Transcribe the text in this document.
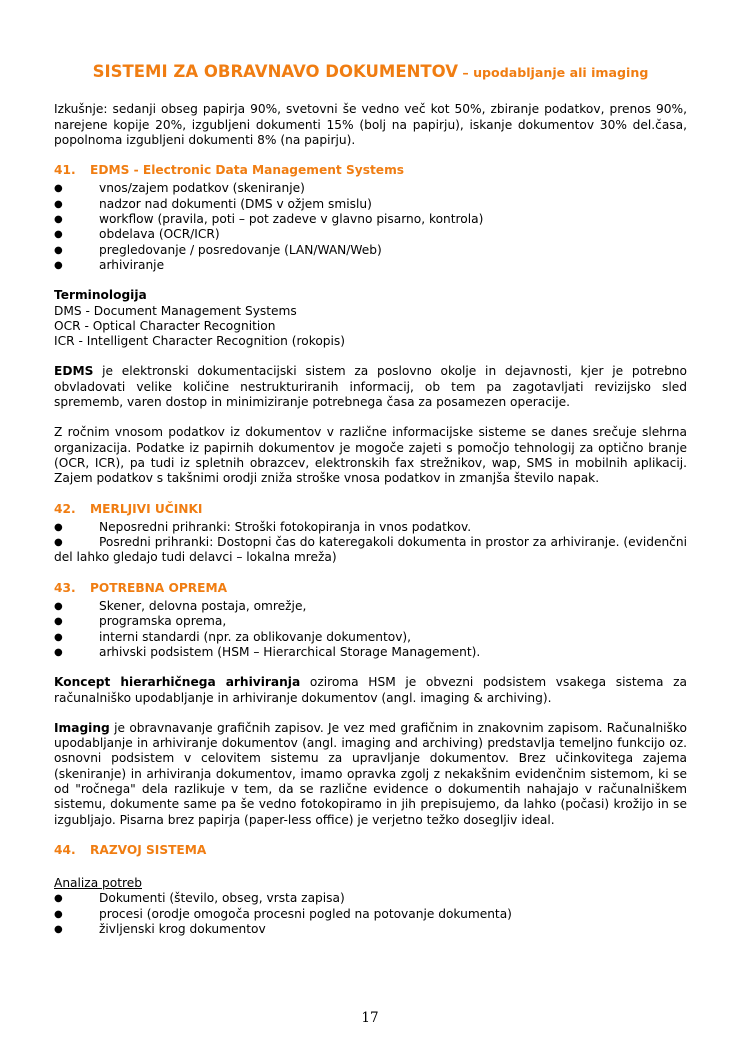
SISTEMI ZA OBRAVNAVO DOKUMENTOV – upodabljanje ali imaging

Izkušnje: sedanji obseg papirja 90%, svetovni še vedno več kot 50%, zbiranje podatkov, prenos 90%, narejene kopije 20%, izgubljeni dokumenti 15% (bolj na papirju), iskanje dokumentov 30% del.časa, popolnoma izgubljeni dokumenti 8% (na papirju).

41. EDMS - Electronic Data Management Systems
● vnos/zajem podatkov (skeniranje)
● nadzor nad dokumenti (DMS v ožjem smislu)
● workflow (pravila, poti – pot zadeve v glavno pisarno, kontrola)
● obdelava (OCR/ICR)
● pregledovanje / posredovanje (LAN/WAN/Web)
● arhiviranje
Terminologija
DMS - Document Management Systems
OCR - Optical Character Recognition
ICR - Intelligent Character Recognition (rokopis)

EDMS je elektronski dokumentacijski sistem za poslovno okolje in dejavnosti, kjer je potrebno obvladovati velike količine nestrukturiranih informacij, ob tem pa zagotavljati revizijsko sled sprememb, varen dostop in minimiziranje potrebnega časa za posamezen operacije.

Z ročnim vnosom podatkov iz dokumentov v različne informacijske sisteme se danes srečuje slehrna organizacija. Podatke iz papirnih dokumentov je mogoče zajeti s pomočjo tehnologij za optično branje (OCR, ICR), pa tudi iz spletnih obrazcev, elektronskih fax strežnikov, wap, SMS in mobilnih aplikacij. Zajem podatkov s takšnimi orodji zniža stroške vnosa podatkov in zmanjša število napak.

42. MERLJIVI UČINKI
● Neposredni prihranki: Stroški fotokopiranja in vnos podatkov.
● Posredni prihranki: Dostopni čas do kateregakoli dokumenta in prostor za arhiviranje. (evidenčni del lahko gledajo tudi delavci – lokalna mreža)
43. POTREBNA OPREMA
● Skener, delovna postaja, omrežje,
● programska oprema,
● interni standardi (npr. za oblikovanje dokumentov),
● arhivski podsistem (HSM – Hierarchical Storage Management).

Koncept hierarhičnega arhiviranja oziroma HSM je obvezni podsistem vsakega sistema za računalniško upodabljanje in arhiviranje dokumentov (angl. imaging & archiving).

Imaging je obravnavanje grafičnih zapisov. Je vez med grafičnim in znakovnim zapisom. Računalniško upodabljanje in arhiviranje dokumentov (angl. imaging and archiving) predstavlja temeljno funkcijo oz. osnovni podsistem v celovitem sistemu za upravljanje dokumentov. Brez učinkovitega zajema (skeniranje) in arhiviranja dokumentov, imamo opravka zgolj z nekakšnim evidenčnim sistemom, ki se od "ročnega" dela razlikuje v tem, da se različne evidence o dokumentih nahajajo v računalniškem sistemu, dokumente same pa še vedno fotokopiramo in jih prepisujemo, da lahko (počasi) krožijo in se izgubljajo. Pisarna brez papirja (paper-less office) je verjetno težko dosegljiv ideal.

44. RAZVOJ SISTEMA
Analiza potreb
● Dokumenti (število, obseg, vrsta zapisa)
● procesi (orodje omogoča procesni pogled na potovanje dokumenta)
● življenski krog dokumentov
17
